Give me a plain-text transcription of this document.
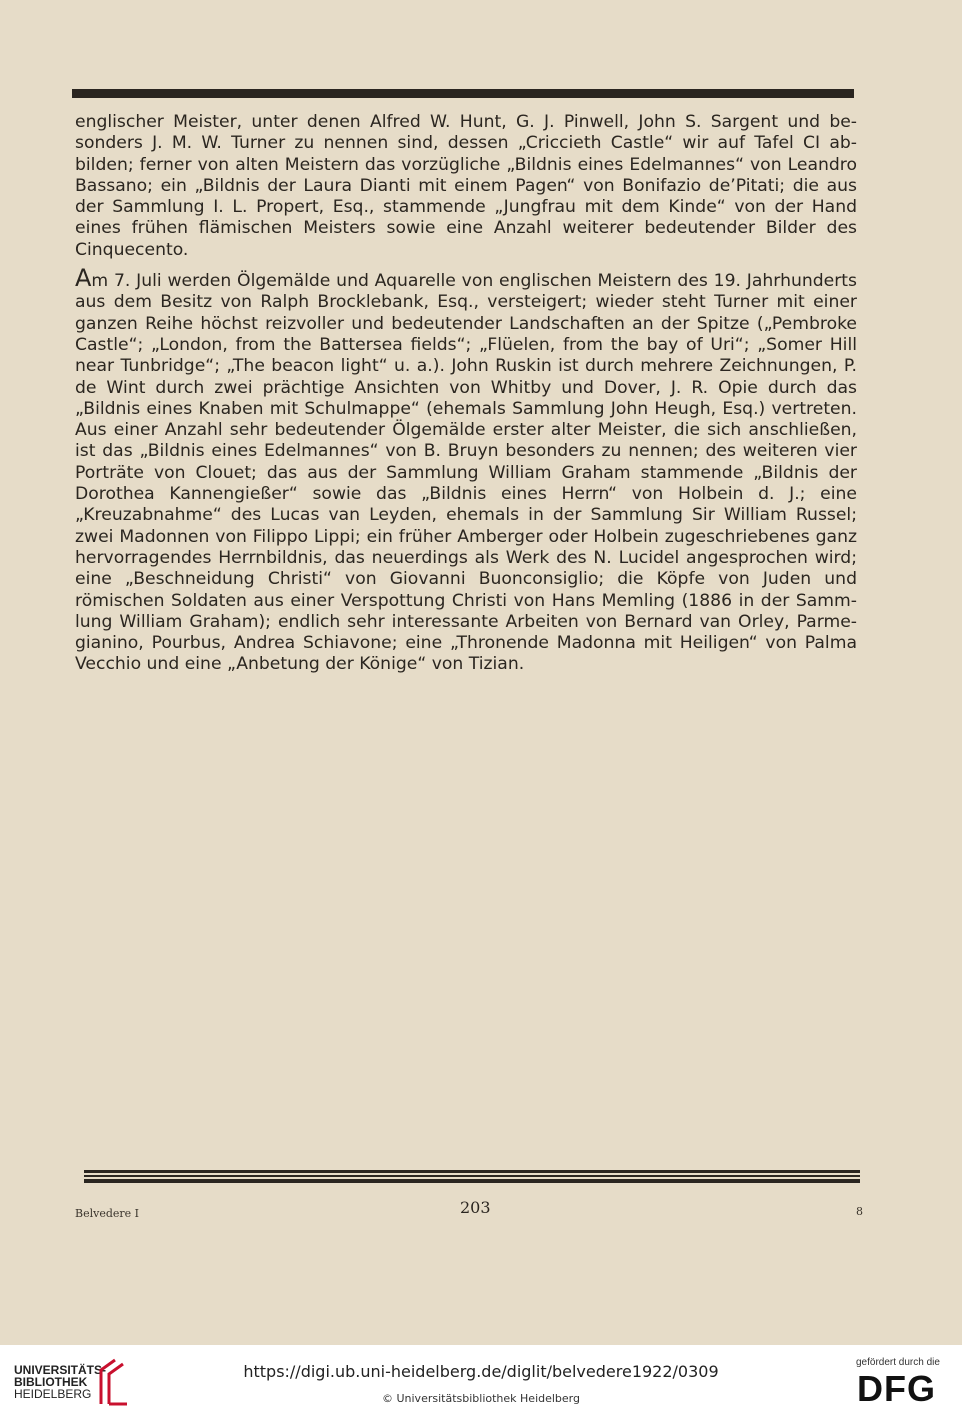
englischer Meister, unter denen Alfred W. Hunt, G. J. Pinwell, John S. Sargent und be- sonders J. M. W. Turner zu nennen sind, dessen „Criccieth Castle“ wir auf Tafel CI ab- bilden; ferner von alten Meistern das vorzügliche „Bildnis eines Edelmannes“ von Leandro Bassano; ein „Bildnis der Laura Dianti mit einem Pagen“ von Bonifazio de’Pitati; die aus der Sammlung I. L. Propert, Esq., stammende „Jungfrau mit dem Kinde“ von der Hand eines frühen flämischen Meisters sowie eine Anzahl weiterer bedeutender Bilder des Cinquecento.

Am 7. Juli werden Ölgemälde und Aquarelle von englischen Meistern des 19. Jahrhunderts aus dem Besitz von Ralph Brocklebank, Esq., versteigert; wieder steht Turner mit einer ganzen Reihe höchst reizvoller und bedeutender Landschaften an der Spitze („Pembroke Castle“; „London, from the Battersea fields“; „Flüelen, from the bay of Uri“; „Somer Hill near Tunbridge“; „The beacon light“ u. a.). John Ruskin ist durch mehrere Zeichnungen, P. de Wint durch zwei prächtige Ansichten von Whitby und Dover, J. R. Opie durch das „Bildnis eines Knaben mit Schulmappe“ (ehemals Sammlung John Heugh, Esq.) vertreten. Aus einer Anzahl sehr bedeutender Ölgemälde erster alter Meister, die sich anschließen, ist das „Bildnis eines Edelmannes“ von B. Bruyn besonders zu nennen; des weiteren vier Porträte von Clouet; das aus der Sammlung William Graham stammende „Bildnis der Dorothea Kannengießer“ sowie das „Bildnis eines Herrn“ von Holbein d. J.; eine „Kreuzabnahme“ des Lucas van Leyden, ehemals in der Sammlung Sir William Russel; zwei Madonnen von Filippo Lippi; ein früher Amberger oder Holbein zugeschriebenes ganz hervorragendes Herrnbildnis, das neuerdings als Werk des N. Lucidel angesprochen wird; eine „Beschneidung Christi“ von Giovanni Buonconsiglio; die Köpfe von Juden und römischen Soldaten aus einer Verspottung Christi von Hans Memling (1886 in der Samm- lung William Graham); endlich sehr interessante Arbeiten von Bernard van Orley, Parme- gianino, Pourbus, Andrea Schiavone; eine „Thronende Madonna mit Heiligen“ von Palma Vecchio und eine „Anbetung der Könige“ von Tizian.

Belvedere I	203	8
UNIVERSITÄTS-
BIBLIOTHEK
HEIDELBERG
https://digi.ub.uni-heidelberg.de/diglit/belvedere1922/0309
© Universitätsbibliothek Heidelberg
gefördert durch die
DFG
